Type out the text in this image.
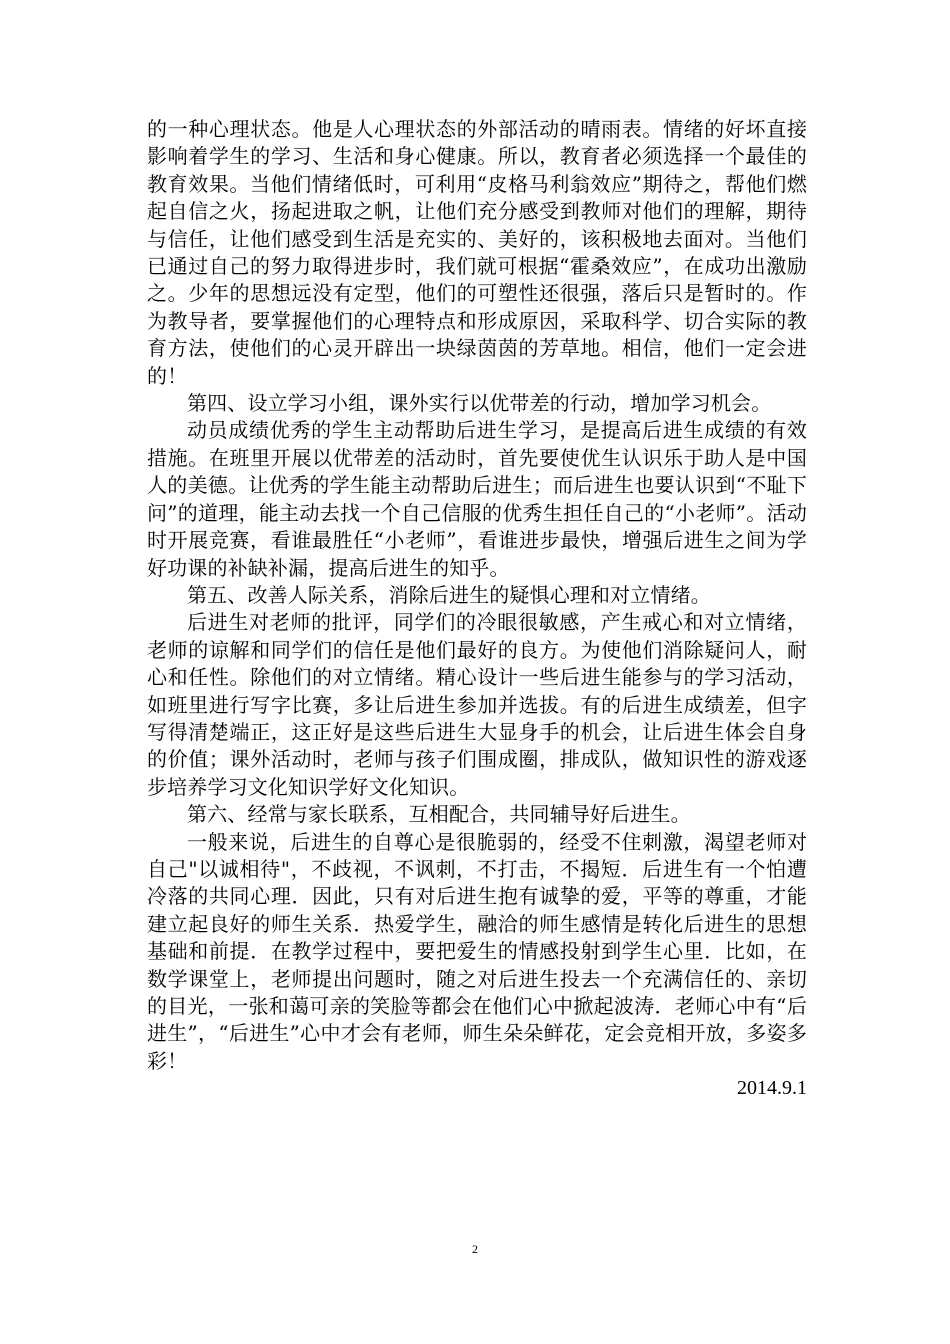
的一种心理状态。他是人心理状态的外部活动的晴雨表。情绪的好坏直接影响着学生的学习、生活和身心健康。所以，教育者必须选择一个最佳的教育效果。当他们情绪低时，可利用“皮格马利翁效应”期待之，帮他们燃起自信之火，扬起进取之帆，让他们充分感受到教师对他们的理解，期待与信任，让他们感受到生活是充实的、美好的，该积极地去面对。当他们已通过自己的努力取得进步时，我们就可根据“霍桑效应”，在成功出激励之。少年的思想远没有定型，他们的可塑性还很强，落后只是暂时的。作为教导者，要掌握他们的心理特点和形成原因，采取科学、切合实际的教育方法，使他们的心灵开辟出一块绿茵茵的芳草地。相信，他们一定会进的！

第四、设立学习小组，课外实行以优带差的行动，增加学习机会。

动员成绩优秀的学生主动帮助后进生学习，是提高后进生成绩的有效措施。在班里开展以优带差的活动时，首先要使优生认识乐于助人是中国人的美德。让优秀的学生能主动帮助后进生；而后进生也要认识到“不耻下问”的道理，能主动去找一个自己信服的优秀生担任自己的“小老师”。活动时开展竞赛，看谁最胜任“小老师”，看谁进步最快，增强后进生之间为学好功课的补缺补漏，提高后进生的知乎。

第五、改善人际关系，消除后进生的疑惧心理和对立情绪。

后进生对老师的批评，同学们的冷眼很敏感，产生戒心和对立情绪，老师的谅解和同学们的信任是他们最好的良方。为使他们消除疑问人，耐心和任性。除他们的对立情绪。精心设计一些后进生能参与的学习活动，如班里进行写字比赛，多让后进生参加并选拔。有的后进生成绩差，但字写得清楚端正，这正好是这些后进生大显身手的机会，让后进生体会自身的价值；课外活动时，老师与孩子们围成圈，排成队，做知识性的游戏逐步培养学习文化知识学好文化知识。

第六、经常与家长联系，互相配合，共同辅导好后进生。

一般来说，后进生的自尊心是很脆弱的，经受不住刺激，渴望老师对自己"以诚相待"，不歧视，不讽刺，不打击，不揭短．后进生有一个怕遭冷落的共同心理．因此，只有对后进生抱有诚挚的爱，平等的尊重，才能建立起良好的师生关系．热爱学生，融洽的师生感情是转化后进生的思想基础和前提．在教学过程中，要把爱生的情感投射到学生心里．比如，在数学课堂上，老师提出问题时，随之对后进生投去一个充满信任的、亲切的目光，一张和蔼可亲的笑脸等都会在他们心中掀起波涛．老师心中有“后进生”，“后进生”心中才会有老师，师生朵朵鲜花，定会竞相开放，多姿多彩！

2014.9.1

2
